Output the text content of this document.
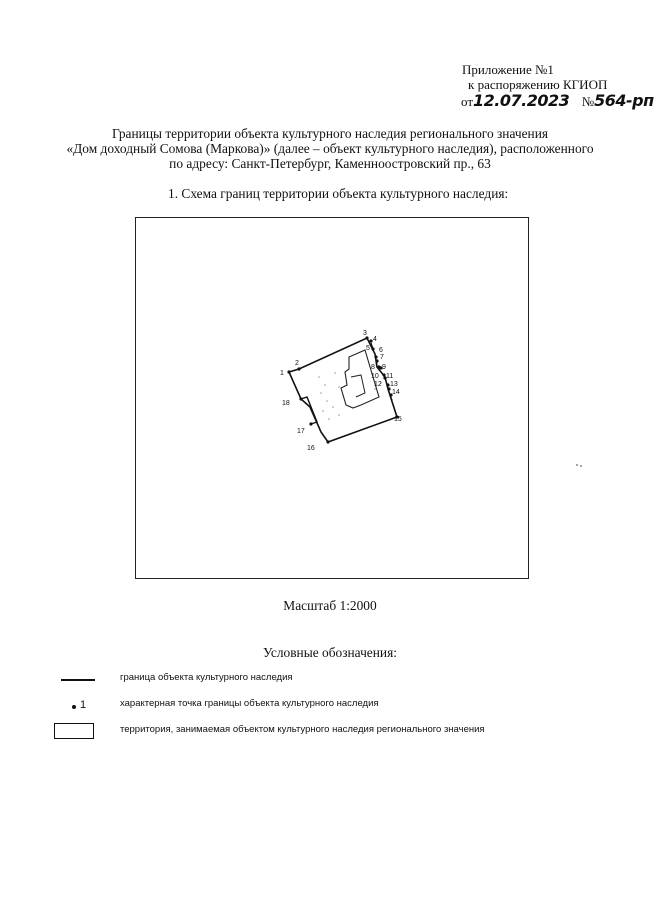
Приложение №1
к распоряжению КГИОП
от12.07.2023 №564-рп
Границы территории объекта культурного наследия регионального значения
«Дом доходный Сомова (Маркова)» (далее – объект культурного наследия), расположенного
по адресу: Санкт-Петербург, Каменноостровский пр., 63
1. Схема границ территории объекта культурного наследия:
1
2
3
4
5 6
7
8 9
10 11
12 13
14
15
16
17
18
Масштаб 1:2000
Условные обозначения:
граница объекта культурного наследия
1	характерная точка границы объекта культурного наследия
территория, занимаемая объектом культурного наследия регионального значения
